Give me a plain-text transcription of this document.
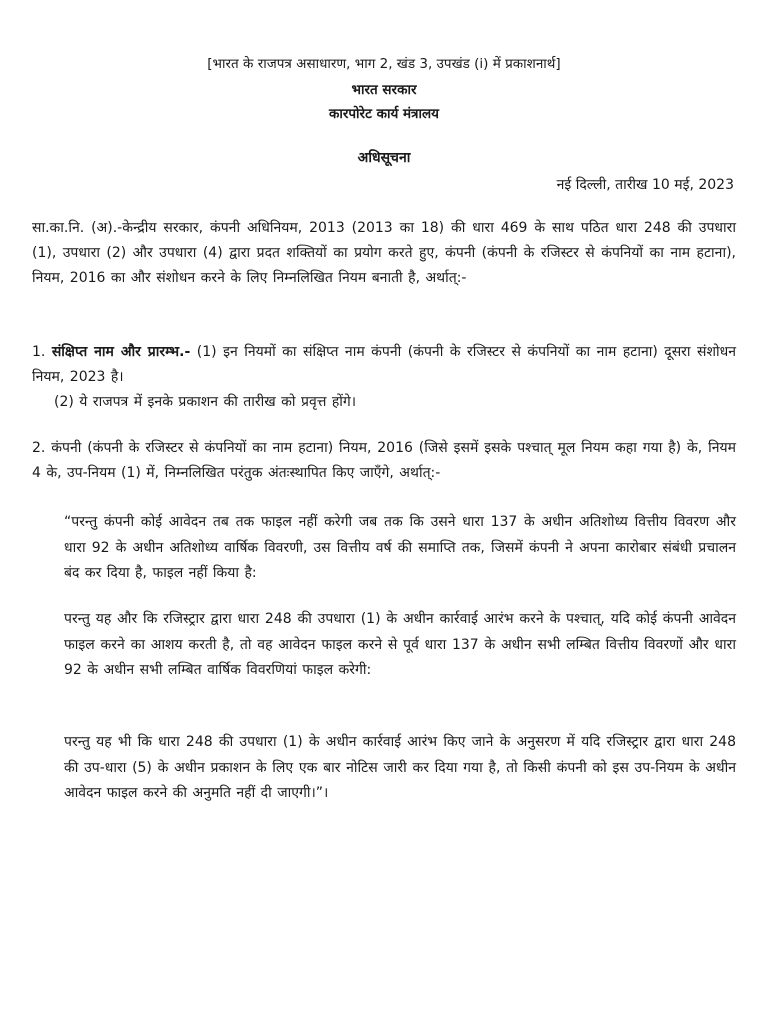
[भारत के राजपत्र असाधारण, भाग 2, खंड 3, उपखंड (i) में प्रकाशनार्थ]
भारत सरकार
कारपोरेट कार्य मंत्रालय
अधिसूचना
नई दिल्ली, तारीख 10 मई, 2023
सा.का.नि. (अ).-केन्द्रीय सरकार, कंपनी अधिनियम, 2013 (2013 का 18) की धारा 469 के साथ पठित धारा 248 की उपधारा (1), उपधारा (2) और उपधारा (4) द्वारा प्रदत शक्तियों का प्रयोग करते हुए, कंपनी (कंपनी के रजिस्टर से कंपनियों का नाम हटाना), नियम, 2016 का और संशोधन करने के लिए निम्नलिखित नियम बनाती है, अर्थात्:-
1. संक्षिप्त नाम और प्रारम्भ.- (1) इन नियमों का संक्षिप्त नाम कंपनी (कंपनी के रजिस्टर से कंपनियों का नाम हटाना) दूसरा संशोधन नियम, 2023 है।
(2) ये राजपत्र में इनके प्रकाशन की तारीख को प्रवृत्त होंगे।
2. कंपनी (कंपनी के रजिस्टर से कंपनियों का नाम हटाना) नियम, 2016 (जिसे इसमें इसके पश्चात् मूल नियम कहा गया है) के, नियम 4 के, उप-नियम (1) में, निम्नलिखित परंतुक अंतःस्थापित किए जाएँगे, अर्थात्:-
“परन्तु कंपनी कोई आवेदन तब तक फाइल नहीं करेगी जब तक कि उसने धारा 137 के अधीन अतिशोध्य वित्तीय विवरण और धारा 92 के अधीन अतिशोध्य वार्षिक विवरणी, उस वित्तीय वर्ष की समाप्ति तक, जिसमें कंपनी ने अपना कारोबार संबंधी प्रचालन बंद कर दिया है, फाइल नहीं किया है:
परन्तु यह और कि रजिस्ट्रार द्वारा धारा 248 की उपधारा (1) के अधीन कार्रवाई आरंभ करने के पश्चात्, यदि कोई कंपनी आवेदन फाइल करने का आशय करती है, तो वह आवेदन फाइल करने से पूर्व धारा 137 के अधीन सभी लम्बित वित्तीय विवरणों और धारा 92 के अधीन सभी लम्बित वार्षिक विवरणियां फाइल करेगी:
परन्तु यह भी कि धारा 248 की उपधारा (1) के अधीन कार्रवाई आरंभ किए जाने के अनुसरण में यदि रजिस्ट्रार द्वारा धारा 248 की उप-धारा (5) के अधीन प्रकाशन के लिए एक बार नोटिस जारी कर दिया गया है, तो किसी कंपनी को इस उप-नियम के अधीन आवेदन फाइल करने की अनुमति नहीं दी जाएगी।”।
